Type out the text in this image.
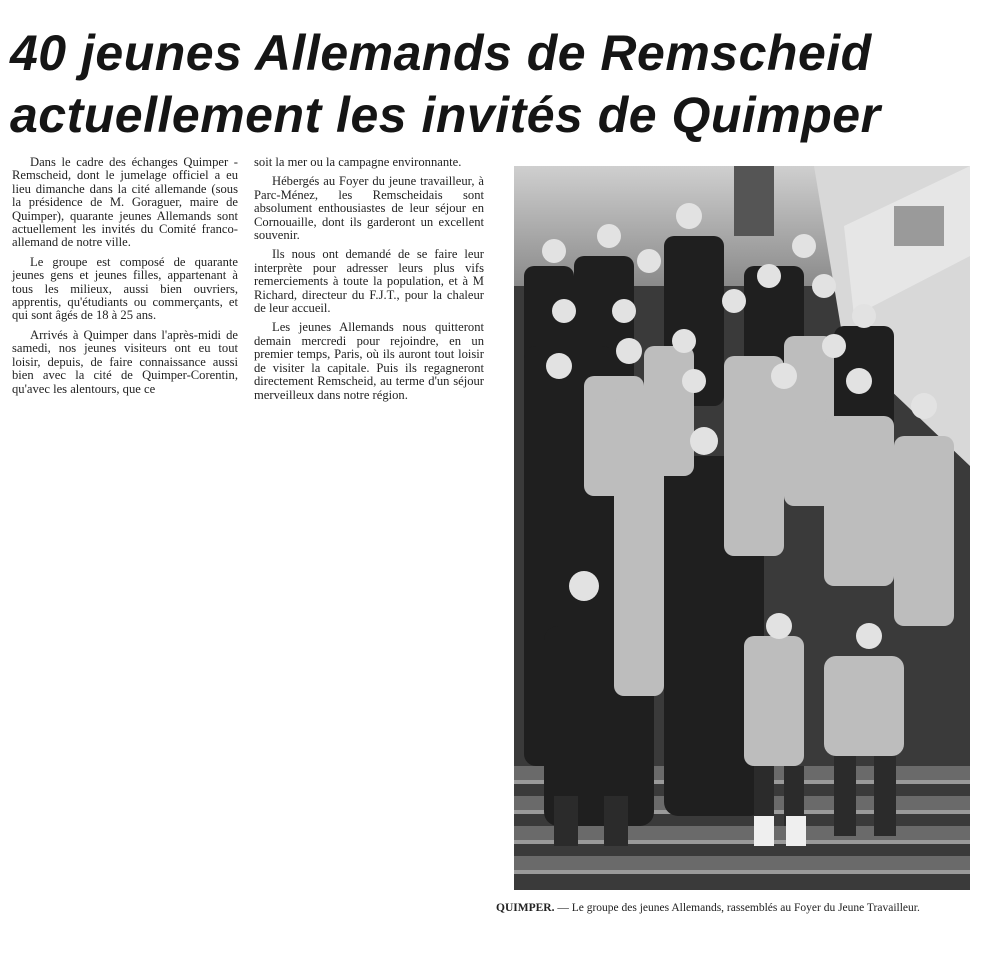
40 jeunes Allemands de Remscheid
actuellement les invités de Quimper

Dans le cadre des échanges Quimper - Remscheid, dont le jumelage officiel a eu lieu dimanche dans la cité allemande (sous la présidence de M. Goraguer, maire de Quimper), quarante jeunes Allemands sont actuellement les invités du Comité franco-allemand de notre ville.

Le groupe est composé de quarante jeunes gens et jeunes filles, appartenant à tous les milieux, aussi bien ouvriers, apprentis, qu'étudiants ou commerçants, et qui sont âgés de 18 à 25 ans.

Arrivés à Quimper dans l'après-midi de samedi, nos jeunes visiteurs ont eu tout loisir, depuis, de faire connaissance aussi bien avec la cité de Quimper-Corentin, qu'avec les alentours, que ce

soit la mer ou la campagne environnante.

Hébergés au Foyer du jeune travailleur, à Parc-Ménez, les Remscheidais sont absolument enthousiastes de leur séjour en Cornouaille, dont ils garderont un excellent souvenir.

Ils nous ont demandé de se faire leur interprète pour adresser leurs plus vifs remerciements à toute la population, et à M Richard, directeur du F.J.T., pour la chaleur de leur accueil.

Les jeunes Allemands nous quitteront demain mercredi pour rejoindre, en un premier temps, Paris, où ils auront tout loisir de visiter la capitale. Puis ils regagneront directement Remscheid, au terme d'un séjour merveilleux dans notre région.

QUIMPER. — Le groupe des jeunes Allemands, rassemblés au Foyer du Jeune Travailleur.
